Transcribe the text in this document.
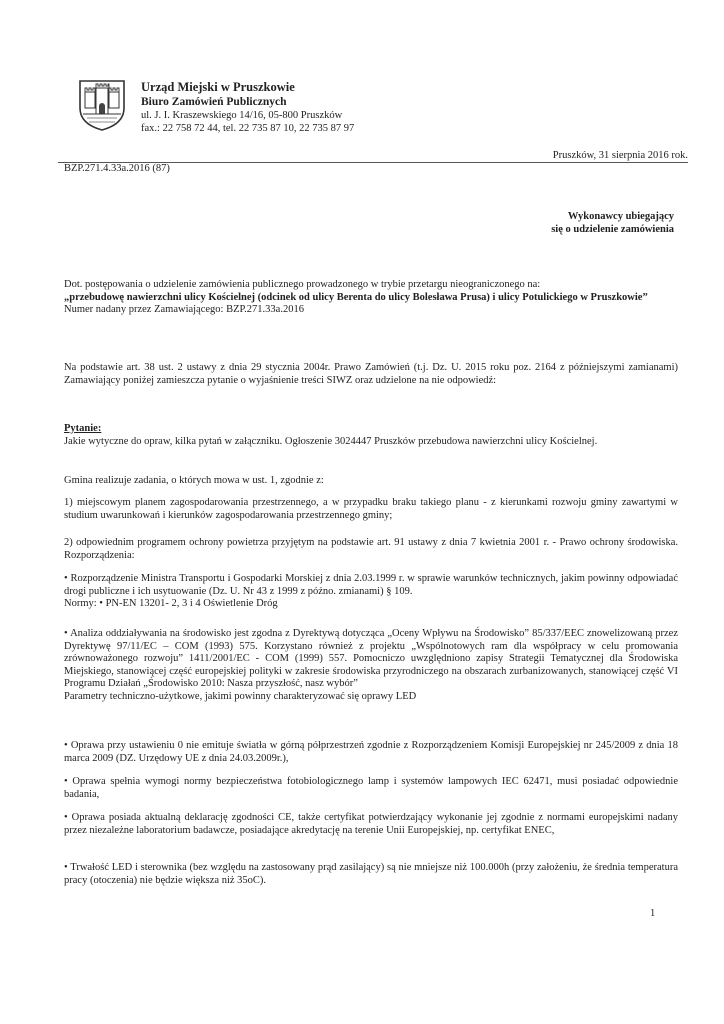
Urząd Miejski w Pruszkowie
Biuro Zamówień Publicznych
ul. J. I. Kraszewskiego 14/16, 05-800 Pruszków
fax.: 22 758 72 44, tel. 22 735 87 10, 22 735 87 97
Pruszków, 31 sierpnia 2016 rok.
BZP.271.4.33a.2016 (87)
Wykonawcy ubiegający
się o udzielenie zamówienia
Dot. postępowania o udzielenie zamówienia publicznego prowadzonego w trybie przetargu nieograniczonego na:
„przebudowę nawierzchni ulicy Kościelnej (odcinek od ulicy Berenta do ulicy Bolesława Prusa) i ulicy Potulickiego w Pruszkowie”
Numer nadany przez Zamawiającego: BZP.271.33a.2016
Na podstawie art. 38 ust. 2 ustawy z dnia 29 stycznia 2004r. Prawo Zamówień (t.j. Dz. U. 2015 roku poz. 2164 z późniejszymi zamianami) Zamawiający poniżej zamieszcza pytanie o wyjaśnienie treści SIWZ oraz udzielone na nie odpowiedź:
Pytanie:
Jakie wytyczne do opraw, kilka pytań w załączniku. Ogłoszenie 3024447 Pruszków przebudowa nawierzchni ulicy Kościelnej.
Gmina realizuje zadania, o których mowa w ust. 1, zgodnie z:
1) miejscowym planem zagospodarowania przestrzennego, a w przypadku braku takiego planu - z kierunkami rozwoju gminy zawartymi w studium uwarunkowań i kierunków zagospodarowania przestrzennego gminy;
2) odpowiednim programem ochrony powietrza przyjętym na podstawie art. 91 ustawy z dnia 7 kwietnia 2001 r. - Prawo ochrony środowiska. Rozporządzenia:
• Rozporządzenie Ministra Transportu i Gospodarki Morskiej z dnia 2.03.1999 r. w sprawie warunków technicznych, jakim powinny odpowiadać drogi publiczne i ich usytuowanie (Dz. U. Nr 43 z 1999 z późno. zmianami) § 109.
Normy: • PN-EN 13201- 2, 3 i 4 Oświetlenie Dróg
• Analiza oddziaływania na środowisko jest zgodna z Dyrektywą dotycząca „Oceny Wpływu na Środowisko” 85/337/EEC znowelizowaną przez Dyrektywę 97/11/EC – COM (1993) 575. Korzystano również z projektu „Wspólnotowych ram dla współpracy w celu promowania zrównoważonego rozwoju” 1411/2001/EC - COM (1999) 557. Pomocniczo uwzględniono zapisy Strategii Tematycznej dla Środowiska Miejskiego, stanowiącej część europejskiej polityki w zakresie środowiska przyrodniczego na obszarach zurbanizowanych, stanowiącej część VI Programu Działań „Środowisko 2010: Nasza przyszłość, nasz wybór”
Parametry techniczno-użytkowe, jakimi powinny charakteryzować się oprawy LED
• Oprawa przy ustawieniu 0 nie emituje światła w górną półprzestrzeń zgodnie z Rozporządzeniem Komisji Europejskiej nr 245/2009 z dnia 18 marca 2009 (DZ. Urzędowy UE z dnia 24.03.2009r.),
• Oprawa spełnia wymogi normy bezpieczeństwa fotobiologicznego lamp i systemów lampowych IEC 62471, musi posiadać odpowiednie badania,
• Oprawa posiada aktualną deklarację zgodności CE, także certyfikat potwierdzający wykonanie jej zgodnie z normami europejskimi nadany przez niezależne laboratorium badawcze, posiadające akredytację na terenie Unii Europejskiej, np. certyfikat ENEC,
• Trwałość LED i sterownika (bez względu na zastosowany prąd zasilający) są nie mniejsze niż 100.000h (przy założeniu, że średnia temperatura pracy (otoczenia) nie będzie większa niż 35oC).
1
